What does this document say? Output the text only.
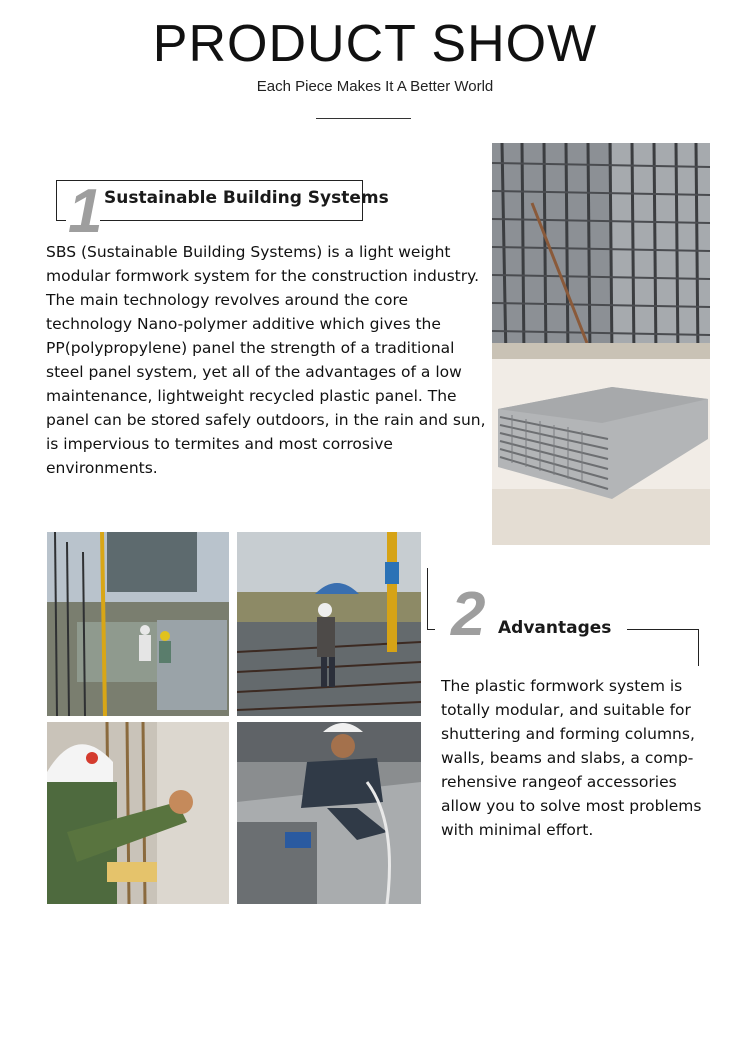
PRODUCT SHOW
Each Piece Makes It A Better World
1 Sustainable Building Systems
SBS (Sustainable Building Systems) is a light weight modular formwork system for the construction industry. The main technology revolves around the core technology Nano-polymer additive which gives the PP(polypropylene) panel the strength of a traditional steel panel system, yet all of the advantages of a low maintenance, lightweight recycled plastic panel. The panel can be stored safely outdoors, in the rain and sun, is impervious to termites and most corrosive environments.
2 Advantages
The plastic formwork system is totally modular, and suitable for shuttering and forming columns, walls, beams and slabs, a comp-rehensive rangeof accessories allow you to solve most problems with minimal effort.
